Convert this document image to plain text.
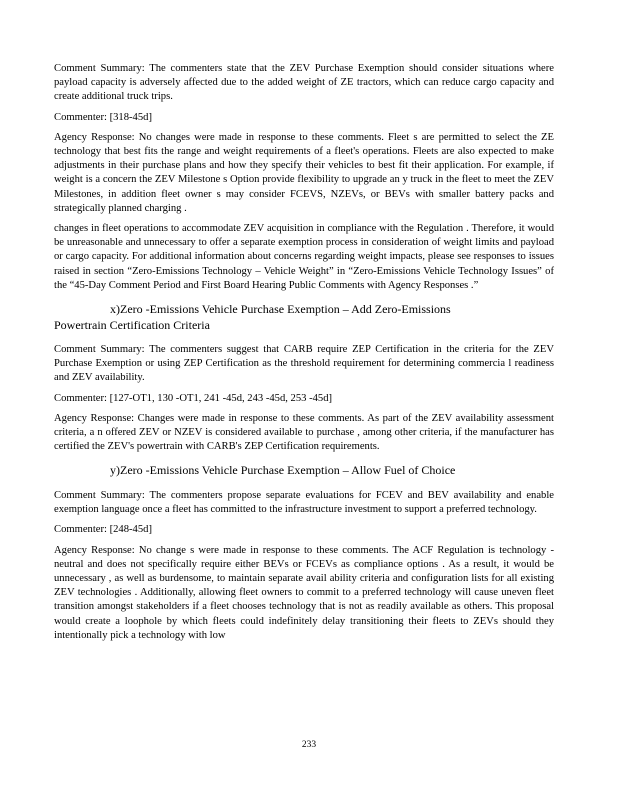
Comment Summary: The commenters state that the ZEV Purchase Exemption should consider situations where payload capacity is adversely affected due to the added weight of ZE tractors, which can reduce cargo capacity and create additional truck trips.

Commenter: [318-45d]

Agency Response: No changes were made in response to these comments. Fleet s are permitted to select the ZE technology that best fits the range and weight requirements of a fleet's operations. Fleets are also expected to make adjustments in their purchase plans and how they specify their vehicles to best fit their application. For example, if weight is a concern the ZEV Milestone s Option provide flexibility to upgrade an y truck in the fleet to meet the ZEV Milestones, in addition fleet owner s may consider FCEVS, NZEVs, or BEVs with smaller battery packs and strategically planned charging .

changes in fleet operations to accommodate ZEV acquisition in compliance with the Regulation . Therefore, it would be unreasonable and unnecessary to offer a separate exemption process in consideration of weight limits and payload or cargo capacity. For additional information about concerns regarding weight impacts, please see responses to issues raised in section “Zero-Emissions Technology – Vehicle Weight” in “Zero-Emissions Vehicle Technology Issues” of the “45-Day Comment Period and First Board Hearing Public Comments with Agency Responses .”

x)Zero -Emissions Vehicle Purchase Exemption – Add Zero-Emissions
Powertrain Certification Criteria

Comment Summary: The commenters suggest that CARB require ZEP Certification in the criteria for the ZEV Purchase Exemption or using ZEP Certification as the threshold requirement for determining commercia l readiness and ZEV availability.

Commenter: [127-OT1, 130 -OT1, 241 -45d, 243 -45d, 253 -45d]

Agency Response: Changes were made in response to these comments. As part of the ZEV availability assessment criteria, a n offered ZEV or NZEV is considered available to purchase , among other criteria, if the manufacturer has certified the ZEV's powertrain with CARB's ZEP Certification requirements.

y)Zero -Emissions Vehicle Purchase Exemption – Allow Fuel of Choice

Comment Summary: The commenters propose separate evaluations for FCEV and BEV availability and enable exemption language once a fleet has committed to the infrastructure investment to support a preferred technology.

Commenter: [248-45d]

Agency Response: No change s were made in response to these comments. The ACF Regulation is technology -neutral and does not specifically require either BEVs or FCEVs as compliance options . As a result, it would be unnecessary , as well as burdensome, to maintain separate avail ability criteria and configuration lists for all existing ZEV technologies . Additionally, allowing fleet owners to commit to a preferred technology will cause uneven fleet transition amongst stakeholders if a fleet chooses technology that is not as readily available as others. This proposal would create a loophole by which fleets could indefinitely delay transitioning their fleets to ZEVs should they intentionally pick a technology with low

233
